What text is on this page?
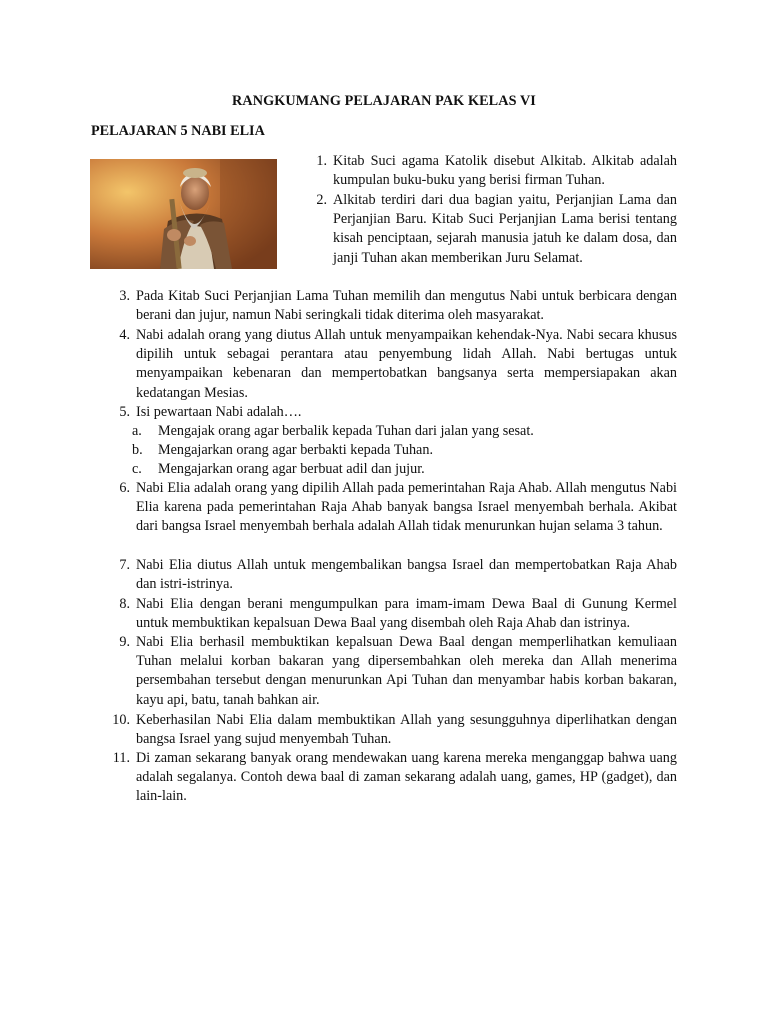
RANGKUMANG PELAJARAN PAK KELAS VI
PELAJARAN 5 NABI ELIA
1. Kitab Suci agama Katolik disebut Alkitab. Alkitab adalah kumpulan buku-buku yang berisi firman Tuhan.
2. Alkitab terdiri dari dua bagian yaitu, Perjanjian Lama dan Perjanjian Baru. Kitab Suci Perjanjian Lama berisi tentang kisah penciptaan, sejarah manusia jatuh ke dalam dosa, dan janji Tuhan akan memberikan Juru Selamat.
3. Pada Kitab Suci Perjanjian Lama Tuhan memilih dan mengutus Nabi untuk berbicara dengan berani dan jujur, namun Nabi seringkali tidak diterima oleh masyarakat.
4. Nabi adalah orang yang diutus Allah untuk menyampaikan kehendak-Nya. Nabi secara khusus dipilih untuk sebagai perantara atau penyembung lidah Allah. Nabi bertugas untuk menyampaikan kebenaran dan mempertobatkan bangsanya serta mempersiapakan akan kedatangan Mesias.
5. Isi pewartaan Nabi adalah….
a.	Mengajak orang agar berbalik kepada Tuhan dari jalan yang sesat.
b.	Mengajarkan orang agar berbakti kepada Tuhan.
c.	Mengajarkan orang agar berbuat adil dan jujur.
6. Nabi Elia adalah orang yang dipilih Allah pada pemerintahan Raja Ahab. Allah mengutus Nabi Elia karena pada pemerintahan Raja Ahab banyak bangsa Israel menyembah berhala. Akibat dari bangsa Israel menyembah berhala adalah Allah tidak menurunkan hujan selama 3 tahun.
7. Nabi Elia diutus Allah untuk mengembalikan bangsa Israel dan mempertobatkan Raja Ahab dan istri-istrinya.
8. Nabi Elia dengan berani mengumpulkan para imam-imam Dewa Baal di Gunung Kermel untuk membuktikan kepalsuan Dewa Baal yang disembah oleh Raja Ahab dan istrinya.
9. Nabi Elia berhasil membuktikan kepalsuan Dewa Baal dengan memperlihatkan kemuliaan Tuhan melalui korban bakaran yang dipersembahkan oleh mereka dan Allah menerima persembahan tersebut dengan menurunkan Api Tuhan dan menyambar habis korban bakaran, kayu api, batu, tanah bahkan air.
10. Keberhasilan Nabi Elia dalam membuktikan Allah yang sesungguhnya diperlihatkan dengan bangsa Israel yang sujud menyembah Tuhan.
11. Di zaman sekarang banyak orang mendewakan uang karena mereka menganggap bahwa uang adalah segalanya. Contoh dewa baal di zaman sekarang adalah uang, games, HP (gadget), dan lain-lain.
